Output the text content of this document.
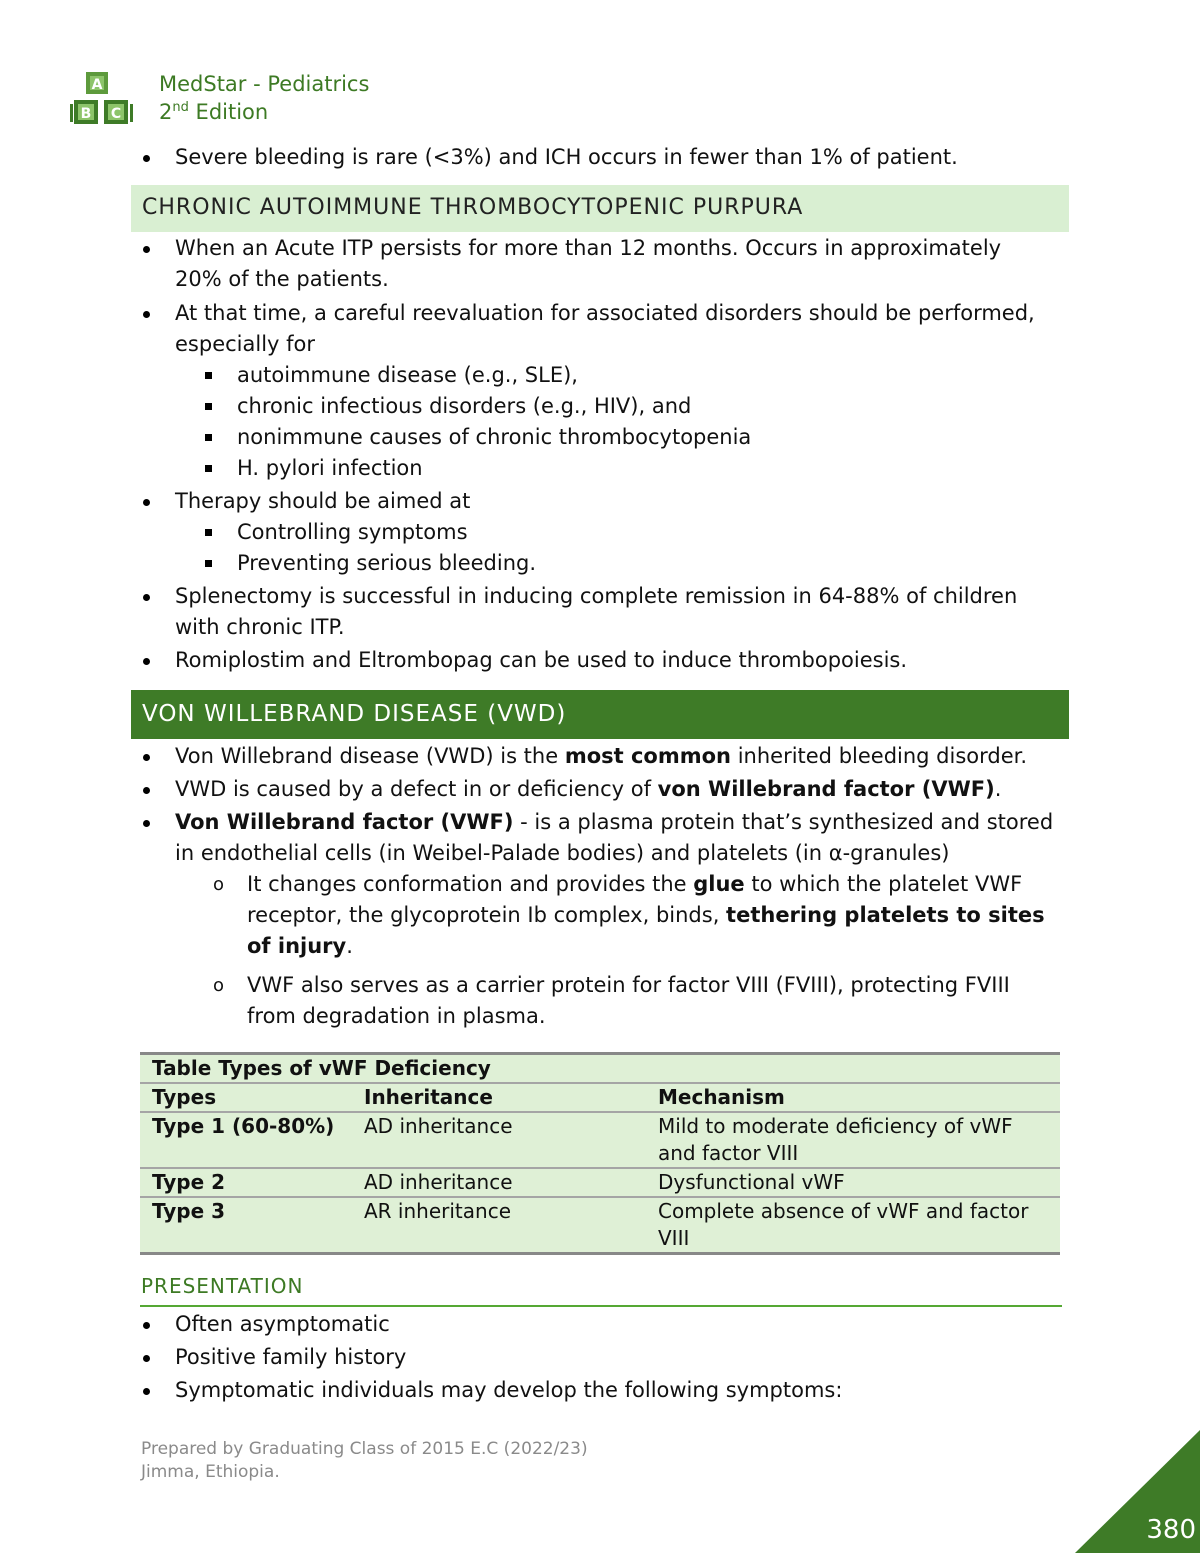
A
B C
MedStar - Pediatrics
2nd Edition
Severe bleeding is rare (<3%) and ICH occurs in fewer than 1% of patient.
CHRONIC AUTOIMMUNE THROMBOCYTOPENIC PURPURA
When an Acute ITP persists for more than 12 months. Occurs in approximately 20% of the patients.
At that time, a careful reevaluation for associated disorders should be performed, especially for
autoimmune disease (e.g., SLE),
chronic infectious disorders (e.g., HIV), and
nonimmune causes of chronic thrombocytopenia
H. pylori infection
Therapy should be aimed at
Controlling symptoms
Preventing serious bleeding.
Splenectomy is successful in inducing complete remission in 64-88% of children with chronic ITP.
Romiplostim and Eltrombopag can be used to induce thrombopoiesis.
VON WILLEBRAND DISEASE (VWD)
Von Willebrand disease (VWD) is the most common inherited bleeding disorder.
VWD is caused by a defect in or deficiency of von Willebrand factor (VWF).
Von Willebrand factor (VWF) - is a plasma protein that’s synthesized and stored in endothelial cells (in Weibel-Palade bodies) and platelets (in α-granules)
o It changes conformation and provides the glue to which the platelet VWF receptor, the glycoprotein Ib complex, binds, tethering platelets to sites of injury.
o VWF also serves as a carrier protein for factor VIII (FVIII), protecting FVIII from degradation in plasma.
Table Types of vWF Deficiency		
Types	Inheritance	Mechanism
Type 1 (60-80%)	AD inheritance	Mild to moderate deficiency of vWF and factor VIII
Type 2	AD inheritance	Dysfunctional vWF
Type 3	AR inheritance	Complete absence of vWF and factor VIII
PRESENTATION
Often asymptomatic
Positive family history
Symptomatic individuals may develop the following symptoms:
Prepared by Graduating Class of 2015 E.C (2022/23)
Jimma, Ethiopia.
380
